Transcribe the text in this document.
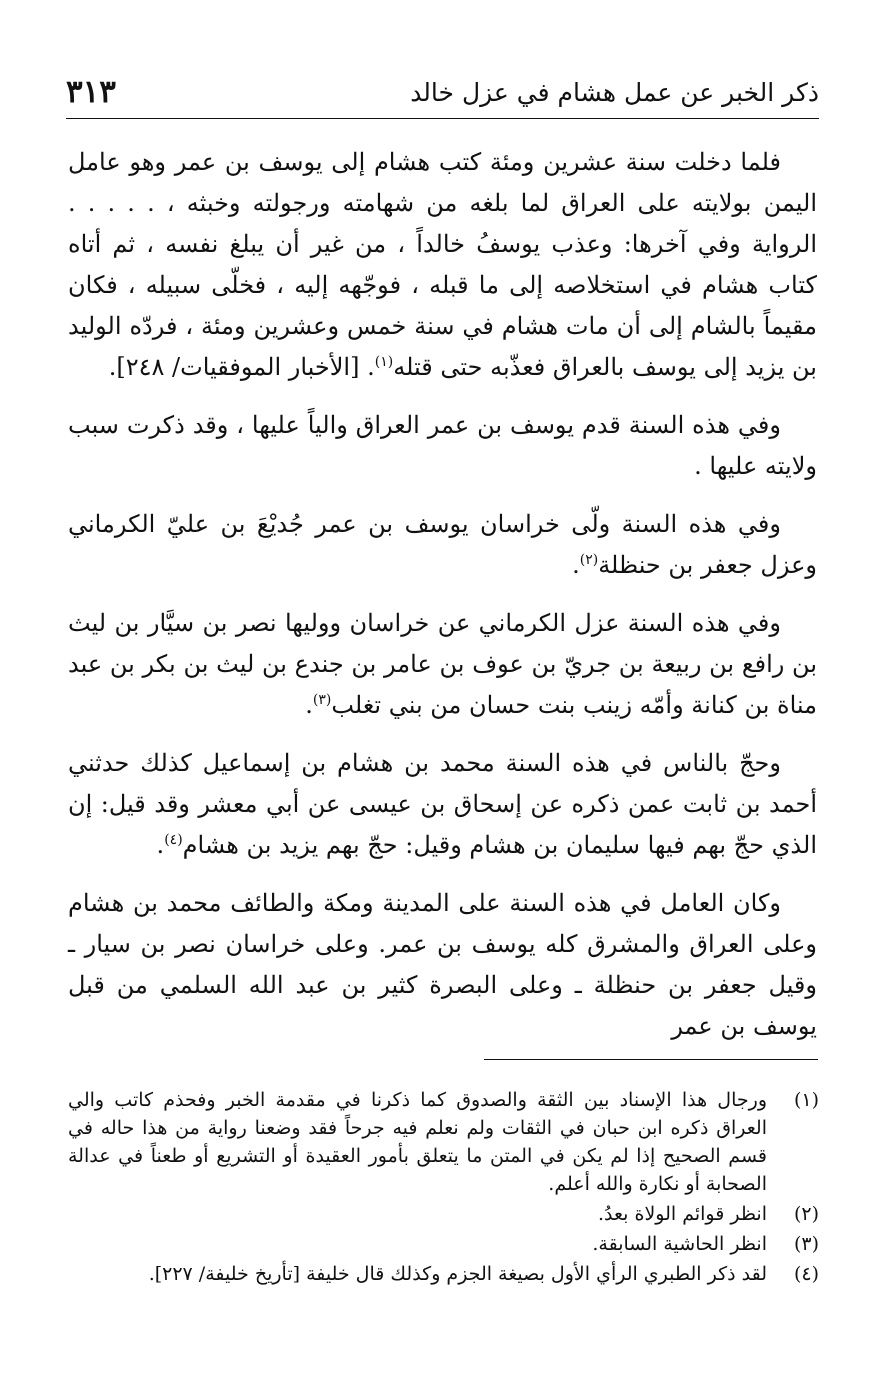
٣١٣	ذكر الخبر عن عمل هشام في عزل خالد

فلما دخلت سنة عشرين ومئة كتب هشام إلى يوسف بن عمر وهو عامل اليمن بولايته على العراق لما بلغه من شهامته ورجولته وخبثه ، . . . . . الرواية وفي آخرها: وعذب يوسفُ خالداً ، من غير أن يبلغ نفسه ، ثم أتاه كتاب هشام في استخلاصه إلى ما قبله ، فوجّهه إليه ، فخلّى سبيله ، فكان مقيماً بالشام إلى أن مات هشام في سنة خمس وعشرين ومئة ، فردّه الوليد بن يزيد إلى يوسف بالعراق فعذّبه حتى قتله$^{(١)}$. [الأخبار الموفقيات/ ٢٤٨].

وفي هذه السنة قدم يوسف بن عمر العراق والياً عليها ، وقد ذكرت سبب ولايته عليها .

وفي هذه السنة ولّى خراسان يوسف بن عمر جُديْعَ بن عليّ الكرماني وعزل جعفر بن حنظلة$^{(٢)}$.

وفي هذه السنة عزل الكرماني عن خراسان ووليها نصر بن سيَّار بن ليث بن رافع بن ربيعة بن جريّ بن عوف بن عامر بن جندع بن ليث بن بكر بن عبد مناة بن كنانة وأمّه زينب بنت حسان من بني تغلب$^{(٣)}$.

وحجّ بالناس في هذه السنة محمد بن هشام بن إسماعيل كذلك حدثني أحمد بن ثابت عمن ذكره عن إسحاق بن عيسى عن أبي معشر وقد قيل: إن الذي حجّ بهم فيها سليمان بن هشام وقيل: حجّ بهم يزيد بن هشام$^{(٤)}$.

وكان العامل في هذه السنة على المدينة ومكة والطائف محمد بن هشام وعلى العراق والمشرق كله يوسف بن عمر. وعلى خراسان نصر بن سيار ـ وقيل جعفر بن حنظلة ـ وعلى البصرة كثير بن عبد الله السلمي من قبل يوسف بن عمر

(١)
ورجال هذا الإسناد بين الثقة والصدوق كما ذكرنا في مقدمة الخبر وفحذم كاتب والي العراق ذكره ابن حبان في الثقات ولم نعلم فيه جرحاً فقد وضعنا رواية من هذا حاله في قسم الصحيح إذا لم يكن في المتن ما يتعلق بأمور العقيدة أو التشريع أو طعناً في عدالة الصحابة أو نكارة والله أعلم.
(٢)
انظر قوائم الولاة بعدُ.
(٣)
انظر الحاشية السابقة.
(٤)
لقد ذكر الطبري الرأي الأول بصيغة الجزم وكذلك قال خليفة [تأريخ خليفة/ ٢٢٧].
